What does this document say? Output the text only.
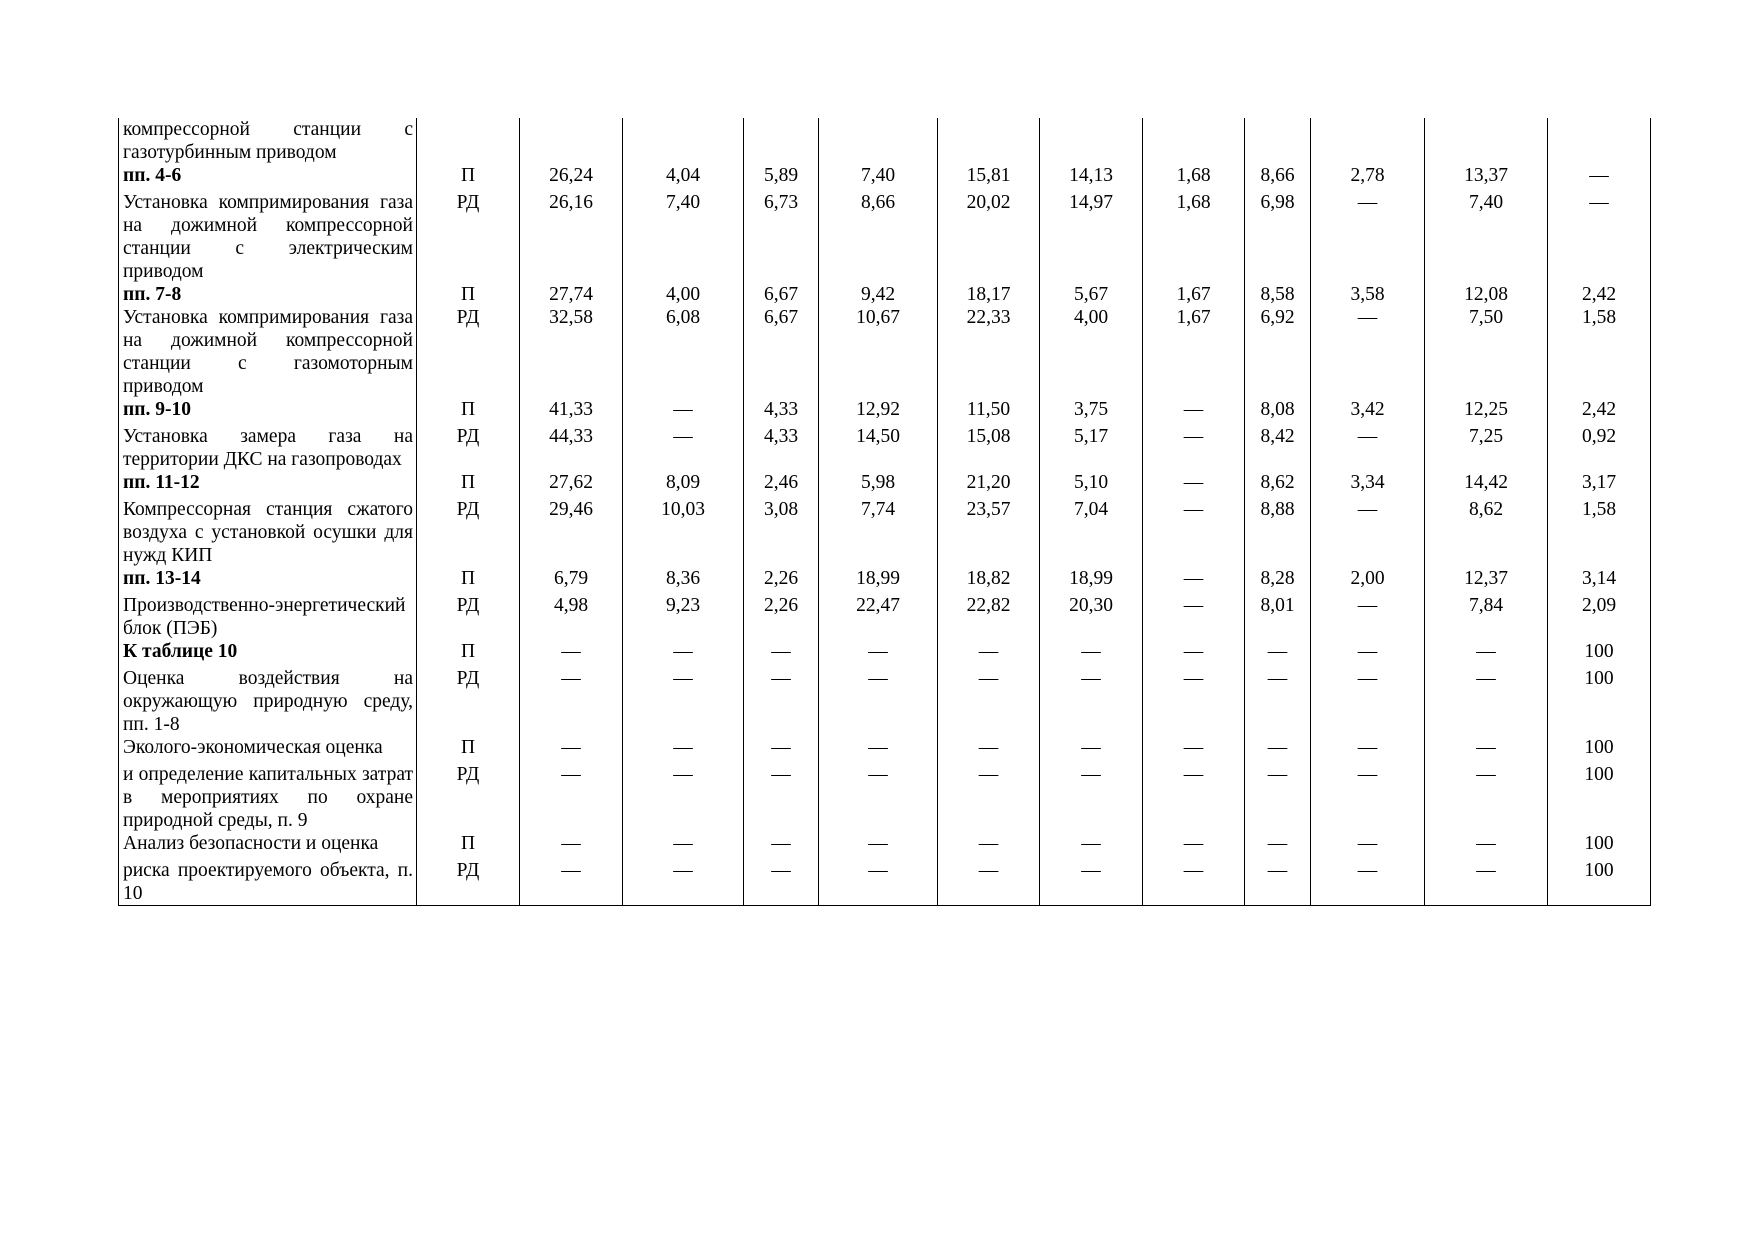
компрессорной станции с газотурбинным приводом												
пп. 4-6	П	26,24	4,04	5,89	7,40	15,81	14,13	1,68	8,66	2,78	13,37	—
Установка компримирования газа на дожимной компрессорной станции с электрическим приводом	РД	26,16	7,40	6,73	8,66	20,02	14,97	1,68	6,98	—	7,40	—
пп. 7-8	П	27,74	4,00	6,67	9,42	18,17	5,67	1,67	8,58	3,58	12,08	2,42
Установка компримирования газа на дожимной компрессорной станции с газомоторным приводом	РД	32,58	6,08	6,67	10,67	22,33	4,00	1,67	6,92	—	7,50	1,58
пп. 9-10	П	41,33	—	4,33	12,92	11,50	3,75	—	8,08	3,42	12,25	2,42
Установка замера газа на территории ДКС на газопроводах	РД	44,33	—	4,33	14,50	15,08	5,17	—	8,42	—	7,25	0,92
пп. 11-12	П	27,62	8,09	2,46	5,98	21,20	5,10	—	8,62	3,34	14,42	3,17
Компрессорная станция сжатого воздуха с установкой осушки для нужд КИП	РД	29,46	10,03	3,08	7,74	23,57	7,04	—	8,88	—	8,62	1,58
пп. 13-14	П	6,79	8,36	2,26	18,99	18,82	18,99	—	8,28	2,00	12,37	3,14
Производственно-энергетический блок (ПЭБ)	РД	4,98	9,23	2,26	22,47	22,82	20,30	—	8,01	—	7,84	2,09
К таблице 10	П	—	—	—	—	—	—	—	—	—	—	100
Оценка воздействия на окружающую природную среду, пп. 1-8	РД	—	—	—	—	—	—	—	—	—	—	100
Эколого-экономическая оценка	П	—	—	—	—	—	—	—	—	—	—	100
и определение капитальных затрат в мероприятиях по охране природной среды, п. 9	РД	—	—	—	—	—	—	—	—	—	—	100
Анализ безопасности и оценка	П	—	—	—	—	—	—	—	—	—	—	100
риска проектируемого объекта, п. 10	РД	—	—	—	—	—	—	—	—	—	—	100
